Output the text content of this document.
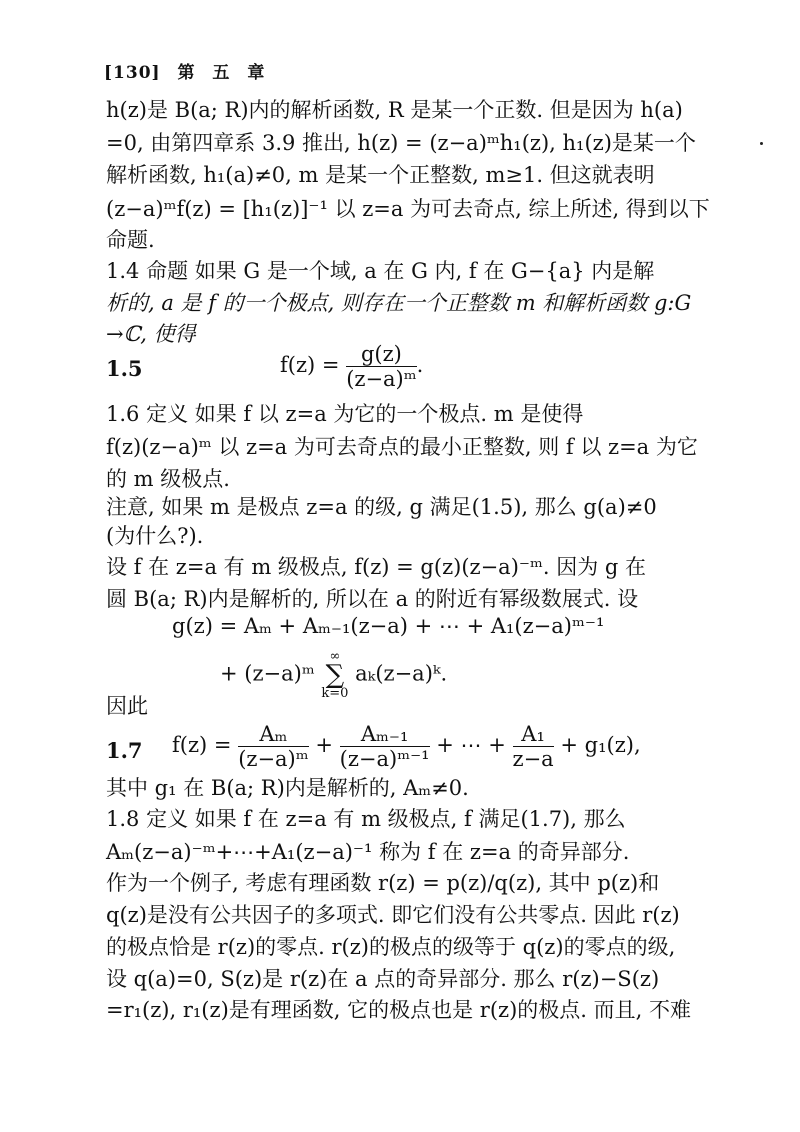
[130] 第 五 章
h(z)是 B(a; R)内的解析函数, R 是某一个正数. 但是因为 h(a)
=0, 由第四章系 3.9 推出, h(z) = (z−a)ᵐh₁(z), h₁(z)是某一个
解析函数, h₁(a)≠0, m 是某一个正整数, m≥1. 但这就表明
(z−a)ᵐf(z) = [h₁(z)]⁻¹ 以 z=a 为可去奇点, 综上所述, 得到以下
命题.
1.4 命题 如果 G 是一个域, a 在 G 内, f 在 G−{a} 内是解
析的, a 是 f 的一个极点, 则存在一个正整数 m 和解析函数 g:G
→ℂ, 使得
1.5	$f(z) = \frac{g(z)}{\text{(z−a)ᵐ}}$ .
1.6 定义 如果 f 以 z=a 为它的一个极点. m 是使得
f(z)(z−a)ᵐ 以 z=a 为可去奇点的最小正整数, 则 f 以 z=a 为它
的 m 级极点.
注意, 如果 m 是极点 z=a 的级, g 满足(1.5), 那么 g(a)≠0
(为什么?).
设 f 在 z=a 有 m 级极点, f(z) = g(z)(z−a)⁻ᵐ. 因为 g 在
圆 B(a; R)内是解析的, 所以在 a 的附近有幂级数展式. 设
g(z) = Aₘ + Aₘ₋₁(z−a) + ⋯ + A₁(z−a)ᵐ⁻¹
+ (z−a)ᵐ ∞
∑
k=0 aₖ(z−a)ᵏ.
因此
1.7 $f(z) = \frac{\text{Aₘ}}{\text{(z−a)ᵐ}} + \frac{\text{Aₘ₋₁}}{\text{(z−a)ᵐ⁻¹}}$ + ⋯ + $\frac{\text{A₁}}{z-a} + g_1(z)$,
其中 g₁ 在 B(a; R)内是解析的, Aₘ≠0.
1.8 定义 如果 f 在 z=a 有 m 级极点, f 满足(1.7), 那么
Aₘ(z−a)⁻ᵐ+⋯+A₁(z−a)⁻¹ 称为 f 在 z=a 的奇异部分.
作为一个例子, 考虑有理函数 r(z) = p(z)/q(z), 其中 p(z)和
q(z)是没有公共因子的多项式. 即它们没有公共零点. 因此 r(z)
的极点恰是 r(z)的零点. r(z)的极点的级等于 q(z)的零点的级,
设 q(a)=0, S(z)是 r(z)在 a 点的奇异部分. 那么 r(z)−S(z)
=r₁(z), r₁(z)是有理函数, 它的极点也是 r(z)的极点. 而且, 不难
